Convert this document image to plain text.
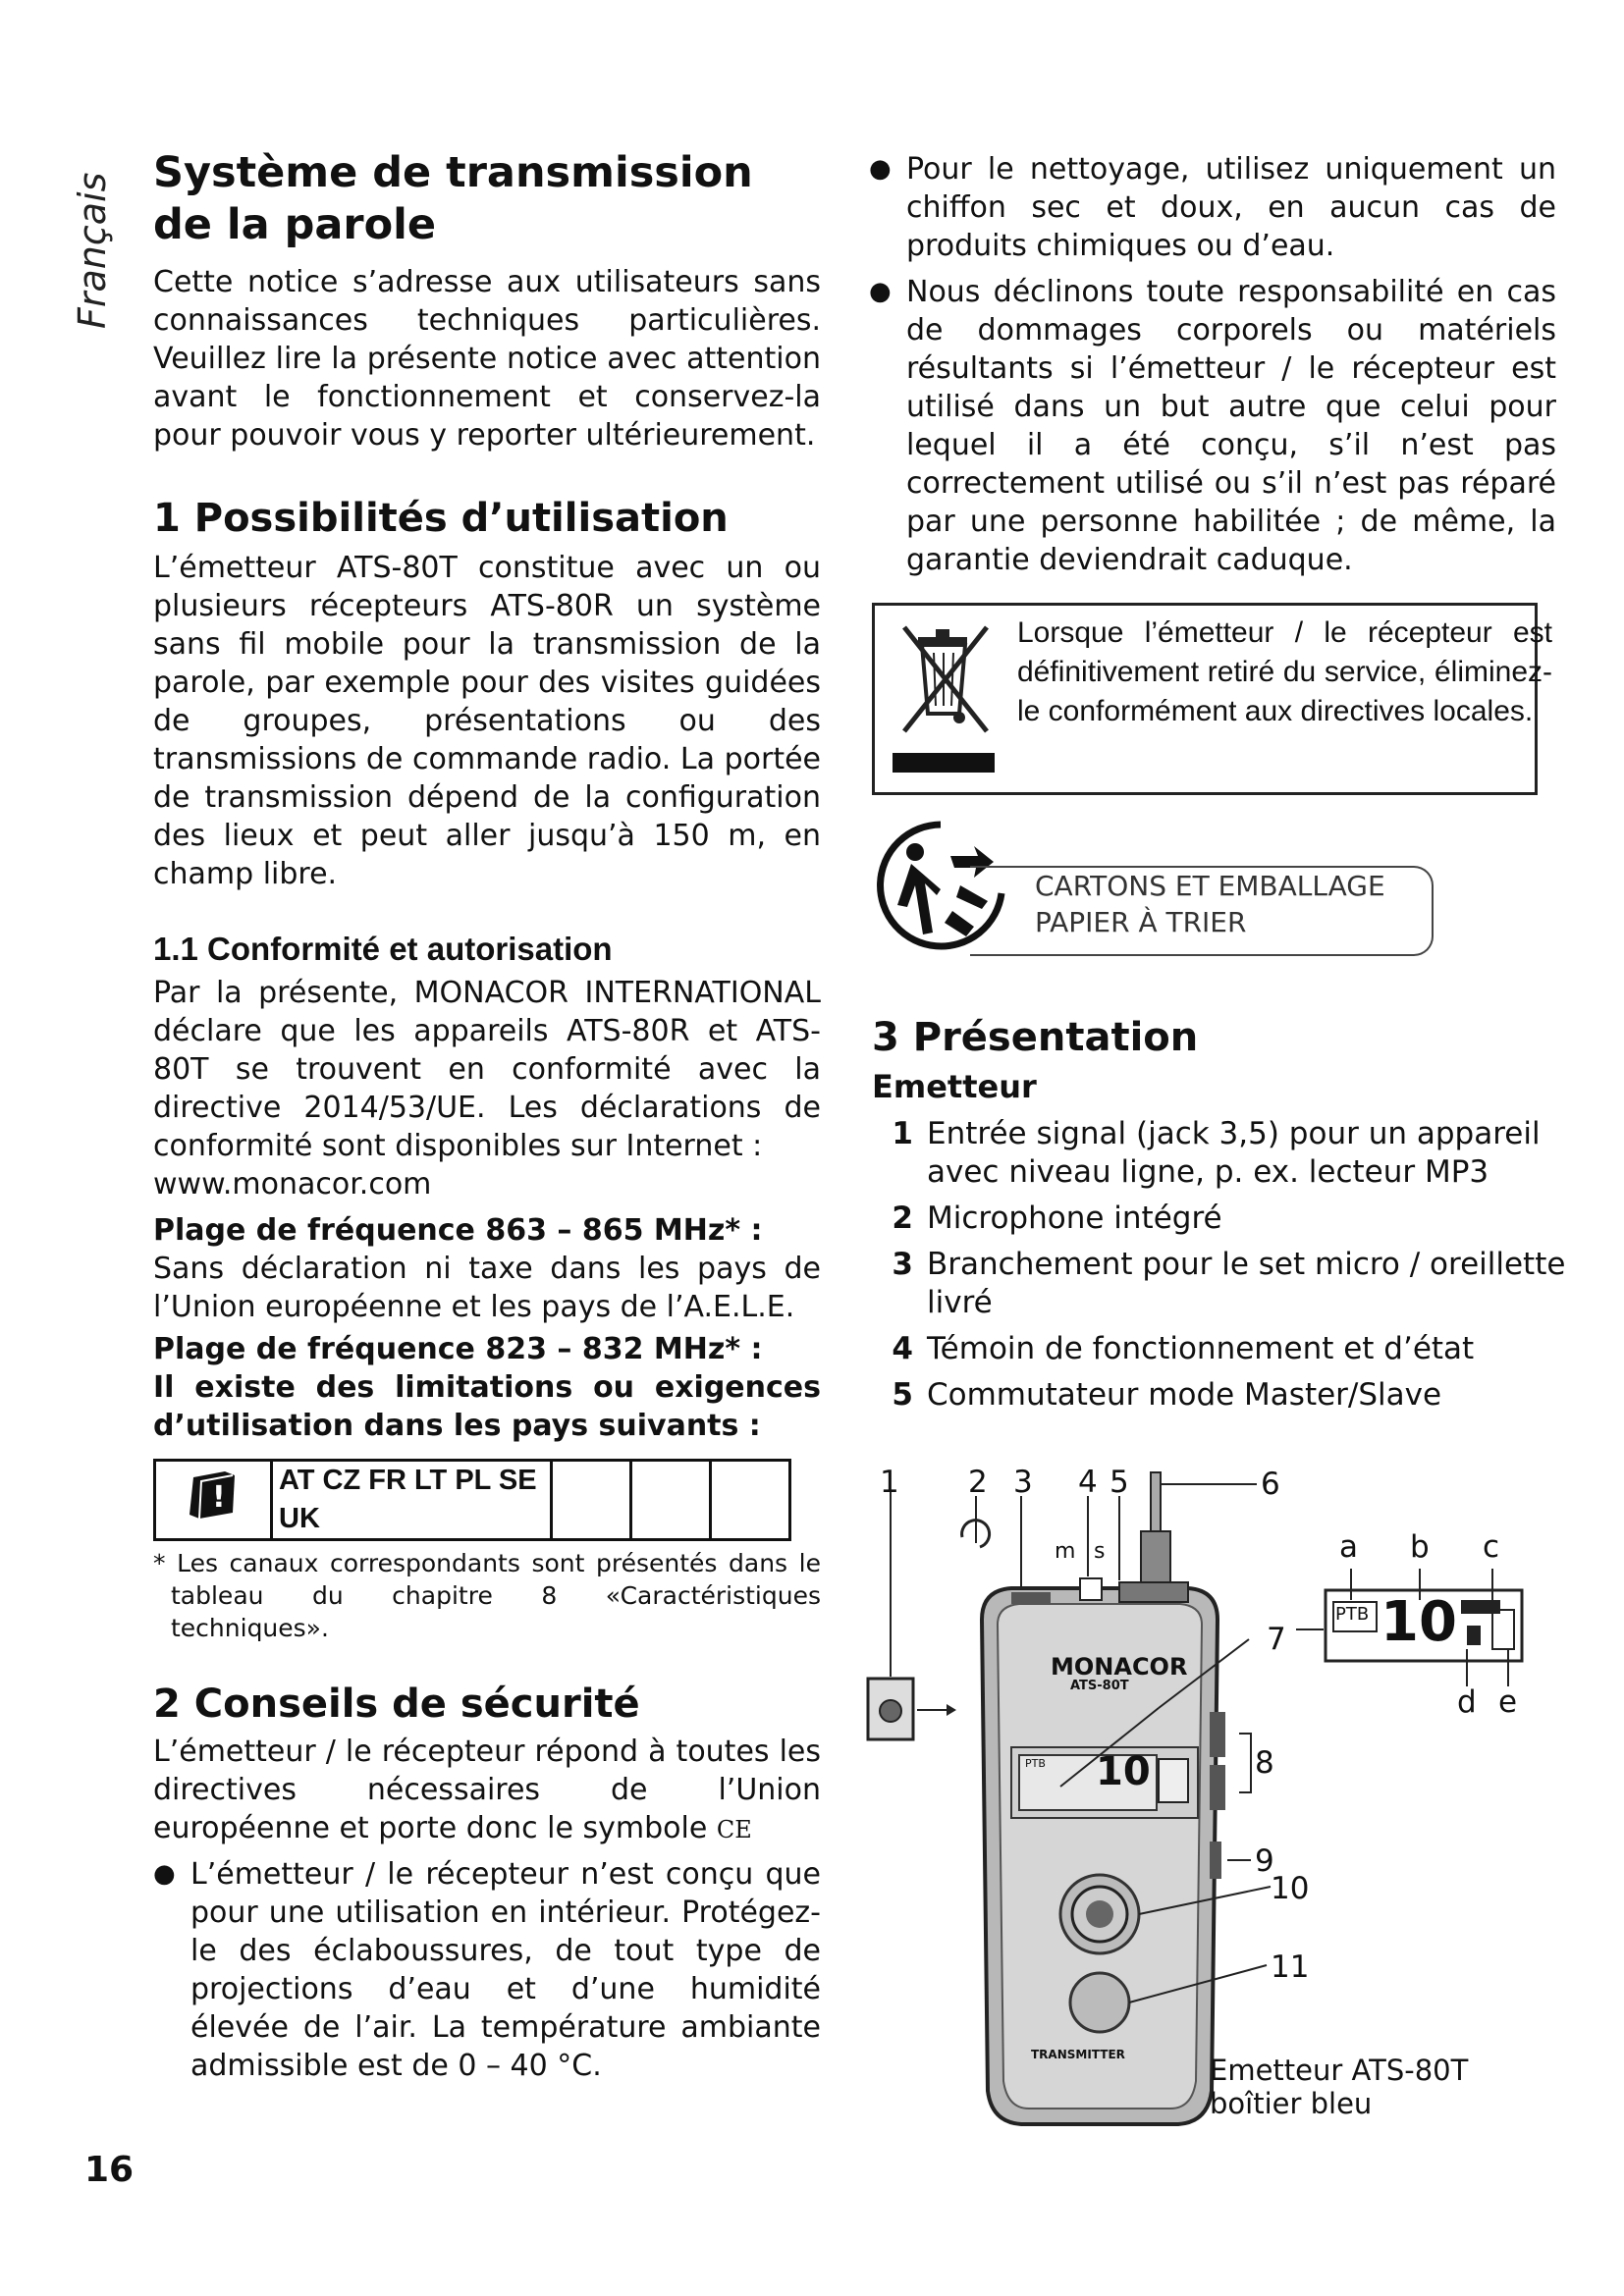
Français Système de transmission
de la parole

Cette notice s’adresse aux utilisateurs sans connaissances techniques particulières. Veuillez lire la présente notice avec attention avant le fonctionnement et conservez-la pour pouvoir vous y reporter ultérieurement.

1 Possibilités d’utilisation

L’émetteur ATS-80T constitue avec un ou plusieurs récepteurs ATS-80R un système sans fil mobile pour la transmission de la parole, par exemple pour des visites guidées de groupes, présentations ou des transmissions de commande radio. La portée de transmission dépend de la configuration des lieux et peut aller jusqu’à 150 m, en champ libre.

1.1 Conformité et autorisation

Par la présente, MONACOR INTERNATIONAL déclare que les appareils ATS-80R et ATS-80T se trouvent en conformité avec la directive 2014/53/UE. Les déclarations de conformité sont disponibles sur Internet :

www.monacor.com

Plage de fréquence 863 – 865 MHz* :

Sans déclaration ni taxe dans les pays de l’Union européenne et les pays de l’A.E.L.E.

Plage de fréquence 823 – 832 MHz* :

Il existe des limitations ou exigences d’utilisation dans les pays suivants :

!	AT CZ FR LT PL SE UK			

* Les canaux correspondants sont présentés dans le tableau du chapitre 8 «Caractéristiques techniques».

2 Conseils de sécurité

L’émetteur / le récepteur répond à toutes les directives nécessaires de l’Union européenne et porte donc le symbole CE

● L’émetteur / le récepteur n’est conçu que pour une utilisation en intérieur. Protégez-le des éclaboussures, de tout type de projections d’eau et d’une humidité élevée de l’air. La température ambiante admissible est de 0 – 40 °C.

● Pour le nettoyage, utilisez uniquement un chiffon sec et doux, en aucun cas de produits chimiques ou d’eau.

● Nous déclinons toute responsabilité en cas de dommages corporels ou matériels résultants si l’émetteur / le récepteur est utilisé dans un but autre que celui pour lequel il a été conçu, s’il n’est pas correctement utilisé ou s’il n’est pas réparé par une personne habilitée ; de même, la garantie deviendrait caduque.

Lorsque l’émetteur / le récepteur est définitivement retiré du service, éliminez-le conformément aux directives locales.
CARTONS ET EMBALLAGE
PAPIER À TRIER
3 Présentation
Emetteur
1 Entrée signal (jack 3,5) pour un appareil avec niveau ligne, p. ex. lecteur MP3
2 Microphone intégré
3 Branchement pour le set micro / oreillette livré
4 Témoin de fonctionnement et d’état
5 Commutateur mode Master/Slave
1 2 3 4 5	6
m s
7
8
9
10
11
MONACOR
ATS-80T
10
PTB
TRANSMITTER
a b c
d e
PTB 10
Emetteur ATS-80T
boîtier bleu
16
